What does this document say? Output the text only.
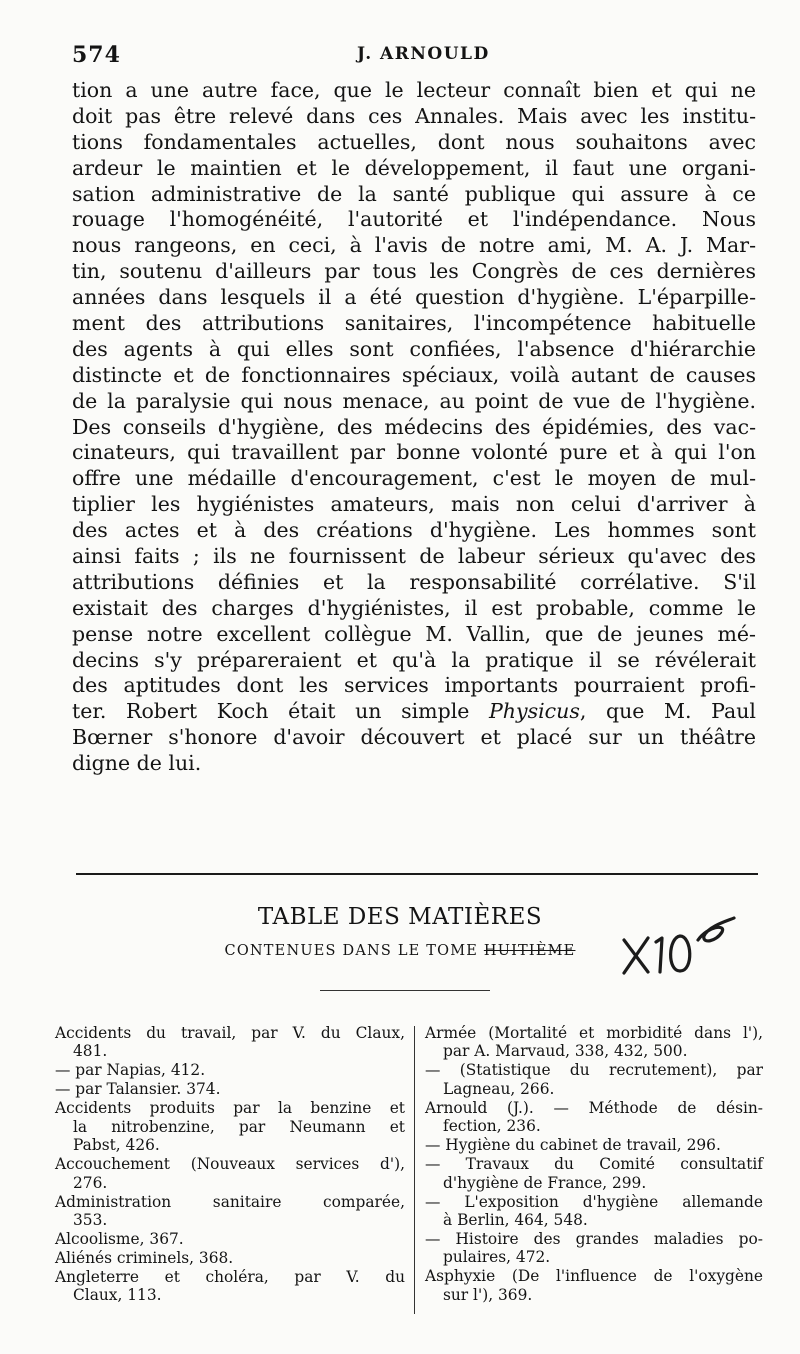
574	J. ARNOULD
tion a une autre face, que le lecteur connaît bien et qui ne
doit pas être relevé dans ces Annales. Mais avec les institu-
tions fondamentales actuelles, dont nous souhaitons avec
ardeur le maintien et le développement, il faut une organi-
sation administrative de la santé publique qui assure à ce
rouage l'homogénéité, l'autorité et l'indépendance. Nous
nous rangeons, en ceci, à l'avis de notre ami, M. A. J. Mar-
tin, soutenu d'ailleurs par tous les Congrès de ces dernières
années dans lesquels il a été question d'hygiène. L'éparpille-
ment des attributions sanitaires, l'incompétence habituelle
des agents à qui elles sont confiées, l'absence d'hiérarchie
distincte et de fonctionnaires spéciaux, voilà autant de causes
de la paralysie qui nous menace, au point de vue de l'hygiène.
Des conseils d'hygiène, des médecins des épidémies, des vac-
cinateurs, qui travaillent par bonne volonté pure et à qui l'on
offre une médaille d'encouragement, c'est le moyen de mul-
tiplier les hygiénistes amateurs, mais non celui d'arriver à
des actes et à des créations d'hygiène. Les hommes sont
ainsi faits ; ils ne fournissent de labeur sérieux qu'avec des
attributions définies et la responsabilité corrélative. S'il
existait des charges d'hygiénistes, il est probable, comme le
pense notre excellent collègue M. Vallin, que de jeunes mé-
decins s'y prépareraient et qu'à la pratique il se révélerait
des aptitudes dont les services importants pourraient profi-
ter. Robert Koch était un simple Physicus, que M. Paul
Bœrner s'honore d'avoir découvert et placé sur un théâtre
digne de lui.
TABLE DES MATIÈRES
CONTENUES DANS LE TOME HUITIÈME
Accidents du travail, par V. du Claux,
481.
— par Napias, 412.
— par Talansier. 374.
Accidents produits par la benzine et
la nitrobenzine, par Neumann et
Pabst, 426.
Accouchement (Nouveaux services d'),
276.
Administration sanitaire comparée,
353.
Alcoolisme, 367.
Aliénés criminels, 368.
Angleterre et choléra, par V. du
Claux, 113.
Armée (Mortalité et morbidité dans l'),
par A. Marvaud, 338, 432, 500.
— (Statistique du recrutement), par
Lagneau, 266.
Arnould (J.). — Méthode de désin-
fection, 236.
— Hygiène du cabinet de travail, 296.
— Travaux du Comité consultatif
d'hygiène de France, 299.
— L'exposition d'hygiène allemande
à Berlin, 464, 548.
— Histoire des grandes maladies po-
pulaires, 472.
Asphyxie (De l'influence de l'oxygène
sur l'), 369.
